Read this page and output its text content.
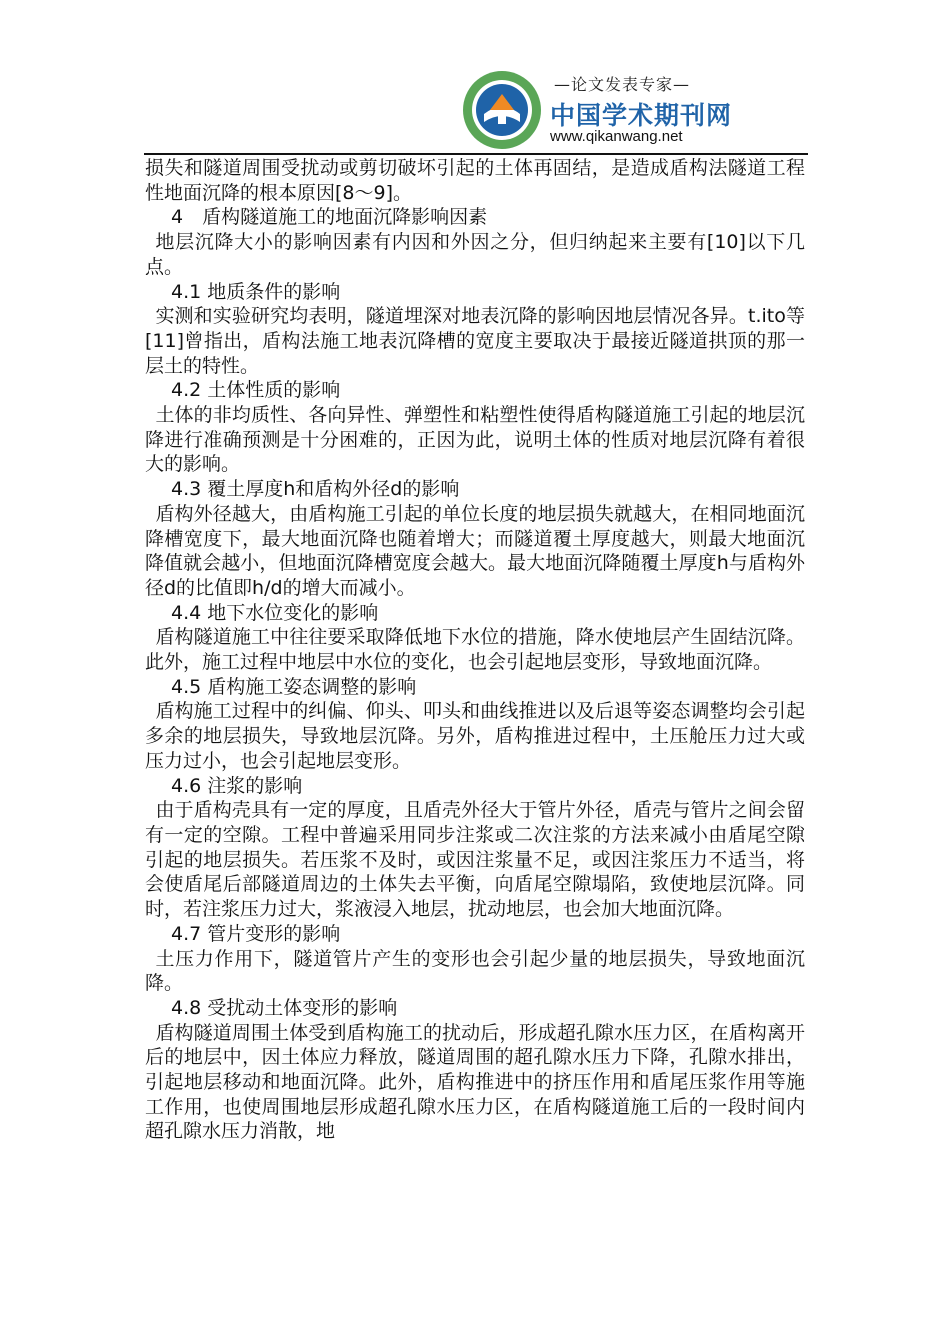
—论文发表专家—
中国学术期刊网
www.qikanwang.net

损失和隧道周围受扰动或剪切破坏引起的土体再固结，是造成盾构法隧道工程性地面沉降的根本原因[8～9]。

4　盾构隧道施工的地面沉降影响因素

地层沉降大小的影响因素有内因和外因之分，但归纳起来主要有[10]以下几点。

4.1 地质条件的影响

实测和实验研究均表明，隧道埋深对地表沉降的影响因地层情况各异。t.ito等[11]曾指出，盾构法施工地表沉降槽的宽度主要取决于最接近隧道拱顶的那一层土的特性。

4.2 土体性质的影响

土体的非均质性、各向异性、弹塑性和粘塑性使得盾构隧道施工引起的地层沉降进行准确预测是十分困难的，正因为此，说明土体的性质对地层沉降有着很大的影响。

4.3 覆土厚度h和盾构外径d的影响

盾构外径越大，由盾构施工引起的单位长度的地层损失就越大，在相同地面沉降槽宽度下，最大地面沉降也随着增大；而隧道覆土厚度越大，则最大地面沉降值就会越小，但地面沉降槽宽度会越大。最大地面沉降随覆土厚度h与盾构外径d的比值即h/d的增大而减小。

4.4 地下水位变化的影响

盾构隧道施工中往往要采取降低地下水位的措施，降水使地层产生固结沉降。此外，施工过程中地层中水位的变化，也会引起地层变形，导致地面沉降。

4.5 盾构施工姿态调整的影响

盾构施工过程中的纠偏、仰头、叩头和曲线推进以及后退等姿态调整均会引起多余的地层损失，导致地层沉降。另外，盾构推进过程中，土压舱压力过大或压力过小，也会引起地层变形。

4.6 注浆的影响

由于盾构壳具有一定的厚度，且盾壳外径大于管片外径，盾壳与管片之间会留有一定的空隙。工程中普遍采用同步注浆或二次注浆的方法来减小由盾尾空隙引起的地层损失。若压浆不及时，或因注浆量不足，或因注浆压力不适当，将会使盾尾后部隧道周边的土体失去平衡，向盾尾空隙塌陷，致使地层沉降。同时，若注浆压力过大，浆液浸入地层，扰动地层，也会加大地面沉降。

4.7 管片变形的影响

土压力作用下，隧道管片产生的变形也会引起少量的地层损失，导致地面沉降。

4.8 受扰动土体变形的影响

盾构隧道周围土体受到盾构施工的扰动后，形成超孔隙水压力区，在盾构离开后的地层中，因土体应力释放，隧道周围的超孔隙水压力下降，孔隙水排出，引起地层移动和地面沉降。此外，盾构推进中的挤压作用和盾尾压浆作用等施工作用，也使周围地层形成超孔隙水压力区，在盾构隧道施工后的一段时间内超孔隙水压力消散，地
